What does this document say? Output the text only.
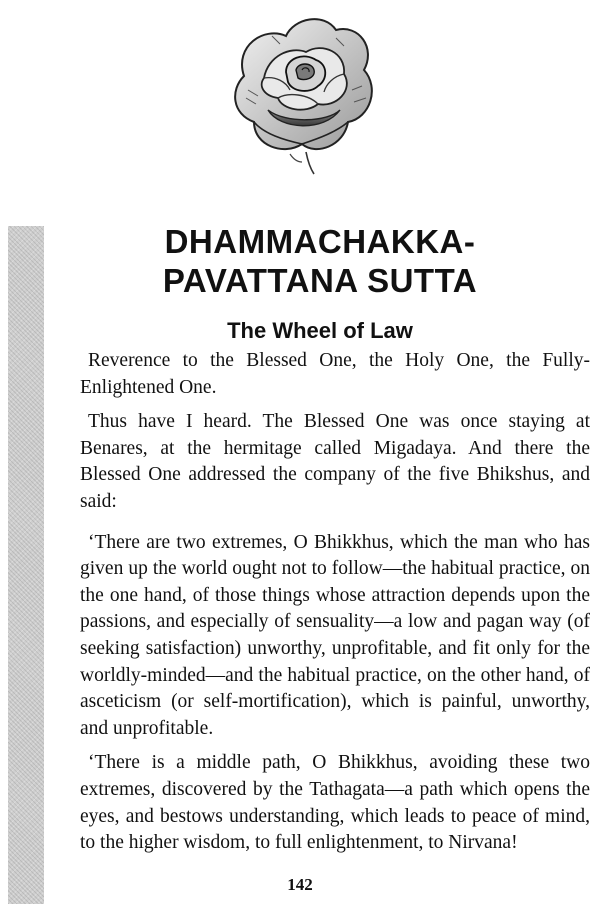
DHAMMACHAKKA-
PAVATTANA SUTTA
The Wheel of Law

Reverence to the Blessed One, the Holy One, the Fully-Enlightened One.

Thus have I heard. The Blessed One was once staying at Benares, at the hermitage called Migadaya. And there the Blessed One addressed the company of the five Bhikshus, and said:

‘There are two extremes, O Bhikkhus, which the man who has given up the world ought not to follow—the habitual practice, on the one hand, of those things whose attraction depends upon the passions, and especially of sensuality—a low and pagan way (of seeking satisfaction) unworthy, unprofitable, and fit only for the worldly-minded—and the habitual practice, on the other hand, of asceticism (or self-mortification), which is painful, unworthy, and unprofitable.

‘There is a middle path, O Bhikkhus, avoiding these two extremes, discovered by the Tathagata—a path which opens the eyes, and bestows understanding, which leads to peace of mind, to the higher wisdom, to full enlightenment, to Nirvana!

142
